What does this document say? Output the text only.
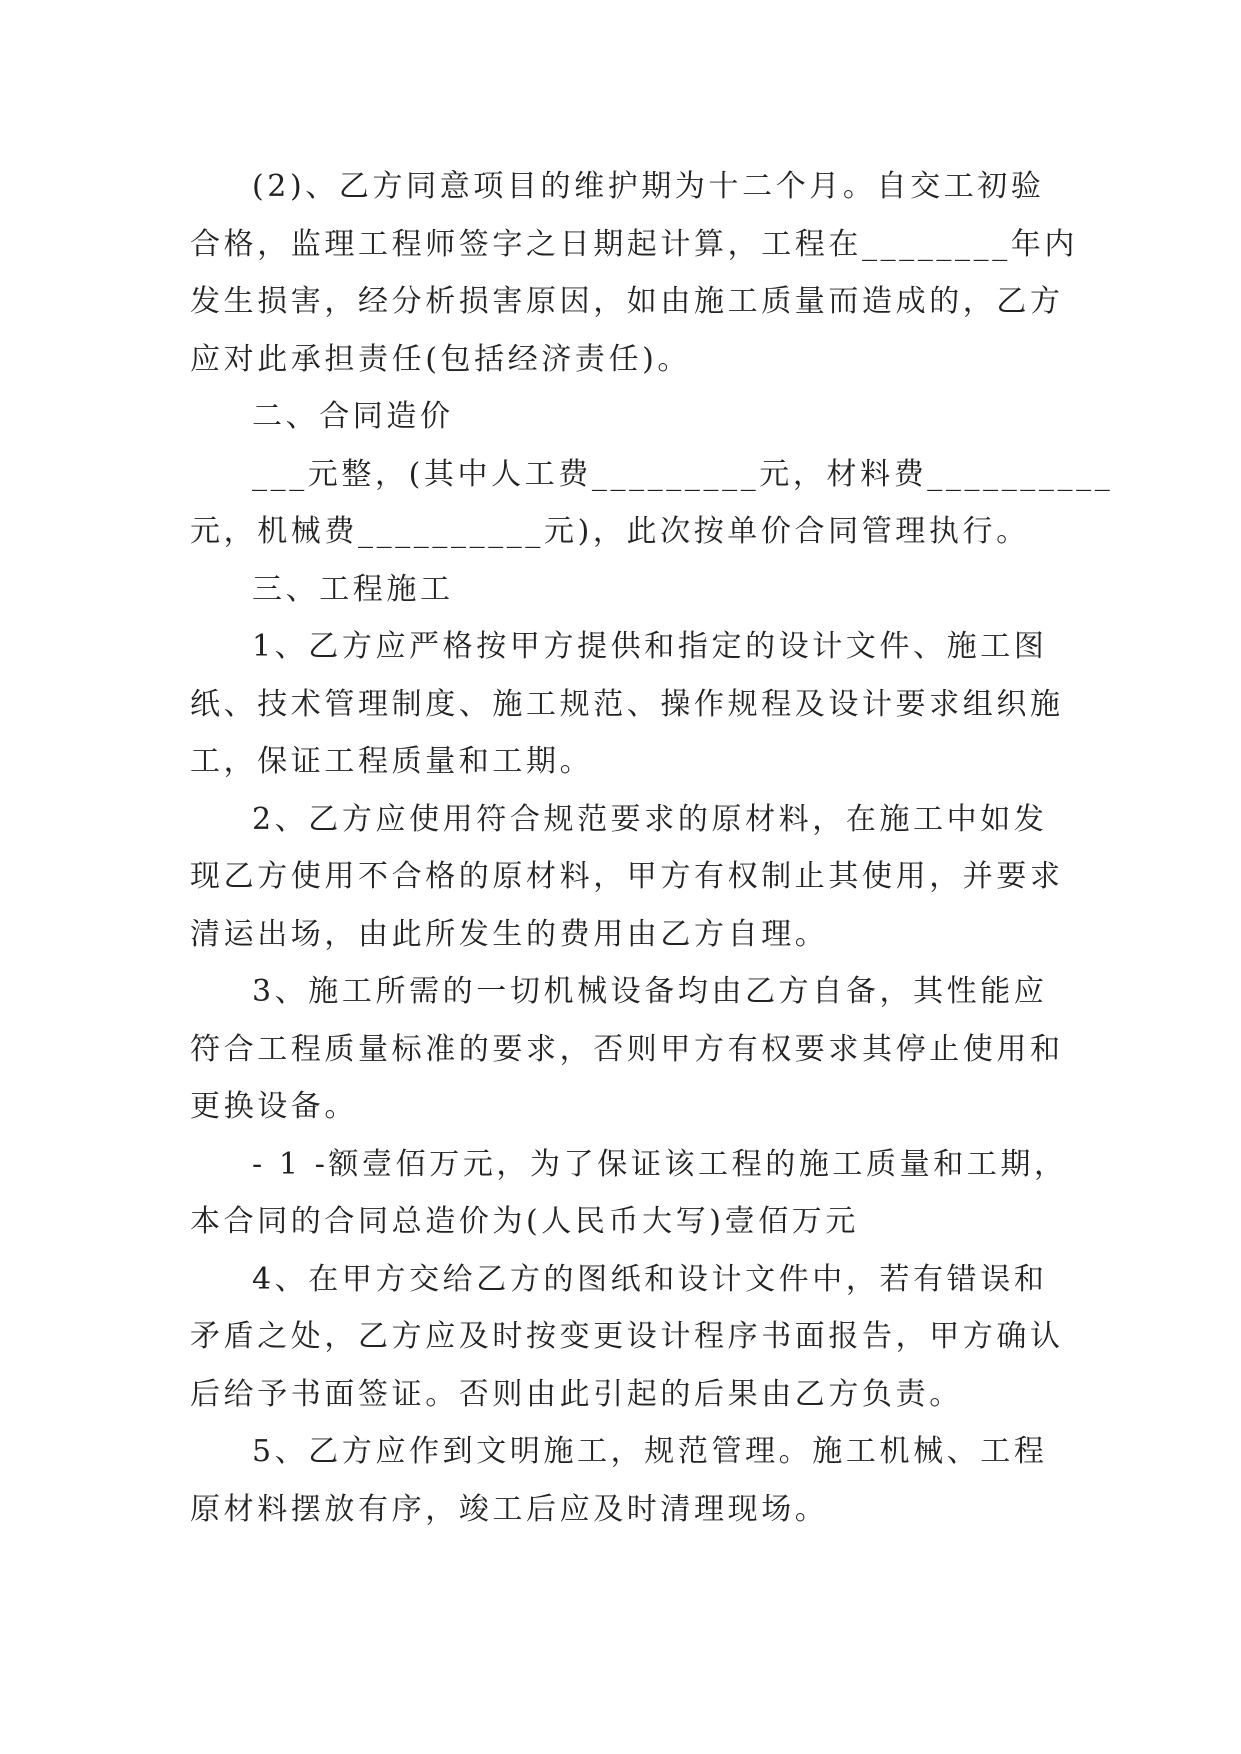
(2)、乙方同意项目的维护期为十二个月。自交工初验

合格，监理工程师签字之日期起计算，工程在________年内

发生损害，经分析损害原因，如由施工质量而造成的，乙方

应对此承担责任(包括经济责任)。

二、合同造价

___元整，(其中人工费_________元，材料费__________

元，机械费__________元)，此次按单价合同管理执行。

三、工程施工

1、乙方应严格按甲方提供和指定的设计文件、施工图

纸、技术管理制度、施工规范、操作规程及设计要求组织施

工，保证工程质量和工期。

2、乙方应使用符合规范要求的原材料，在施工中如发

现乙方使用不合格的原材料，甲方有权制止其使用，并要求

清运出场，由此所发生的费用由乙方自理。

3、施工所需的一切机械设备均由乙方自备，其性能应

符合工程质量标准的要求，否则甲方有权要求其停止使用和

更换设备。

- 1 -额壹佰万元，为了保证该工程的施工质量和工期，

本合同的合同总造价为(人民币大写)壹佰万元

4、在甲方交给乙方的图纸和设计文件中，若有错误和

矛盾之处，乙方应及时按变更设计程序书面报告，甲方确认

后给予书面签证。否则由此引起的后果由乙方负责。

5、乙方应作到文明施工，规范管理。施工机械、工程

原材料摆放有序，竣工后应及时清理现场。
